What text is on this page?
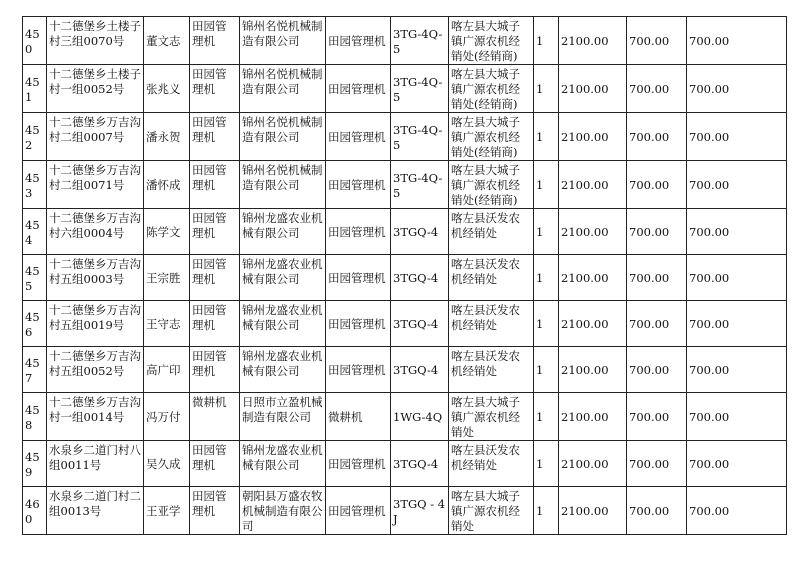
450	十二德堡乡土楼子村三组0070号	董文志	田园管理机	锦州名悦机械制造有限公司	田园管理机	3TG-4Q-5	喀左县大城子镇广源农机经销处(经销商)	1	2100.00	700.00	700.00
451	十二德堡乡土楼子村一组0052号	张兆义	田园管理机	锦州名悦机械制造有限公司	田园管理机	3TG-4Q-5	喀左县大城子镇广源农机经销处(经销商)	1	2100.00	700.00	700.00
452	十二德堡乡万吉沟村二组0007号	潘永贺	田园管理机	锦州名悦机械制造有限公司	田园管理机	3TG-4Q-5	喀左县大城子镇广源农机经销处(经销商)	1	2100.00	700.00	700.00
453	十二德堡乡万吉沟村二组0071号	潘怀成	田园管理机	锦州名悦机械制造有限公司	田园管理机	3TG-4Q-5	喀左县大城子镇广源农机经销处(经销商)	1	2100.00	700.00	700.00
454	十二德堡乡万吉沟村六组0004号	陈学文	田园管理机	锦州龙盛农业机械有限公司	田园管理机	3TGQ-4	喀左县沃发农机经销处	1	2100.00	700.00	700.00
455	十二德堡乡万吉沟村五组0003号	王宗胜	田园管理机	锦州龙盛农业机械有限公司	田园管理机	3TGQ-4	喀左县沃发农机经销处	1	2100.00	700.00	700.00
456	十二德堡乡万吉沟村五组0019号	王守志	田园管理机	锦州龙盛农业机械有限公司	田园管理机	3TGQ-4	喀左县沃发农机经销处	1	2100.00	700.00	700.00
457	十二德堡乡万吉沟村五组0052号	高广印	田园管理机	锦州龙盛农业机械有限公司	田园管理机	3TGQ-4	喀左县沃发农机经销处	1	2100.00	700.00	700.00
458	十二德堡乡万吉沟村一组0014号	冯万付	微耕机	日照市立盈机械制造有限公司	微耕机	1WG-4Q	喀左县大城子镇广源农机经销处	1	2100.00	700.00	700.00
459	水泉乡二道门村八组0011号	吴久成	田园管理机	锦州龙盛农业机械有限公司	田园管理机	3TGQ-4	喀左县沃发农机经销处	1	2100.00	700.00	700.00
460	水泉乡二道门村二组0013号	王亚学	田园管理机	朝阳县万盛农牧机械制造有限公司	田园管理机	3TGQ - 4J	喀左县大城子镇广源农机经销处	1	2100.00	700.00	700.00
